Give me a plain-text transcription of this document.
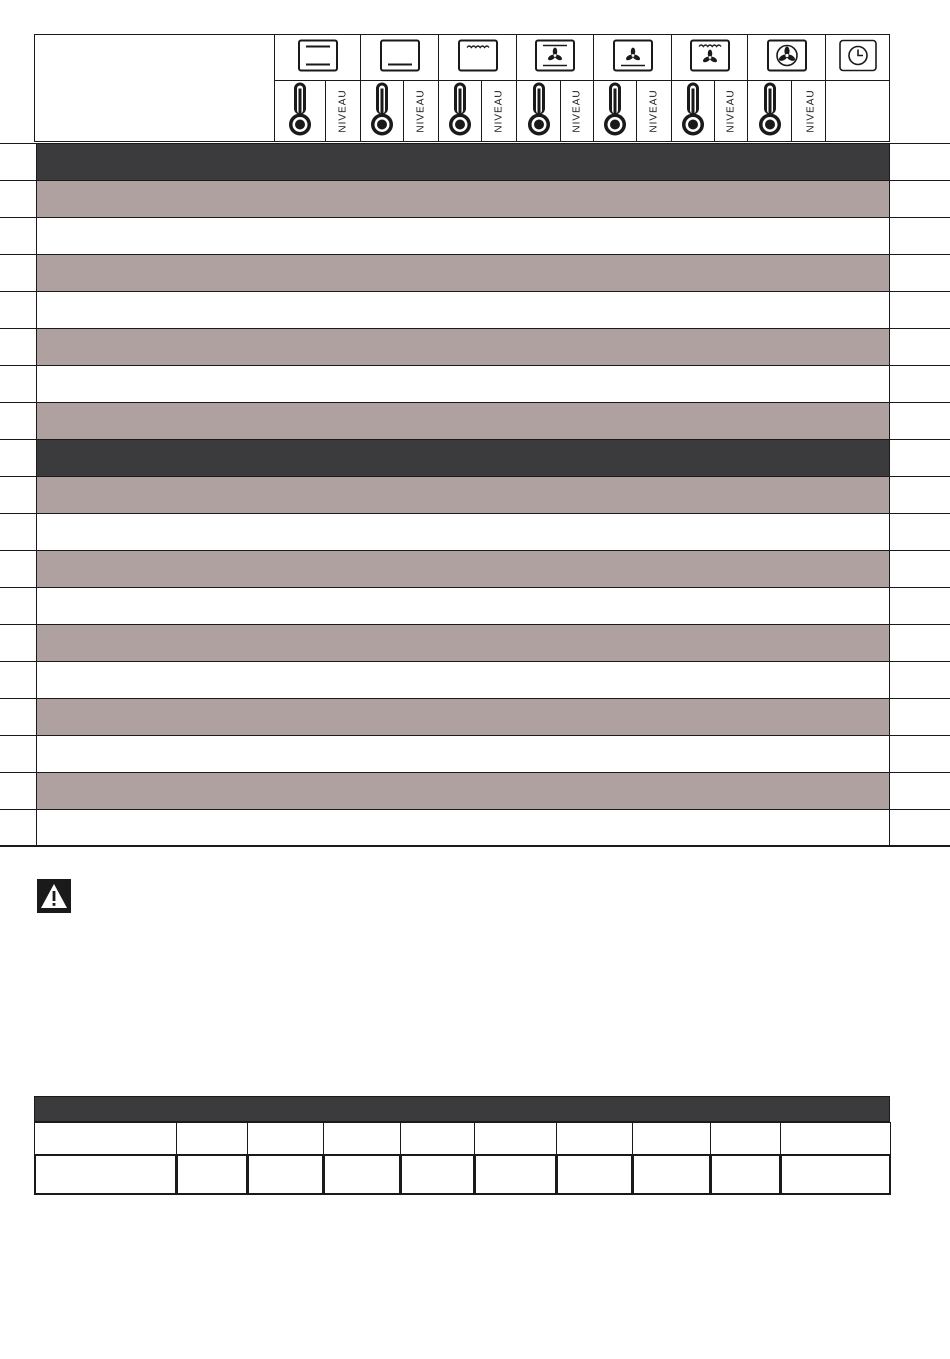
NIVEAU	NIVEAU	NIVEAU	NIVEAU	NIVEAU	NIVEAU	NIVEAU
